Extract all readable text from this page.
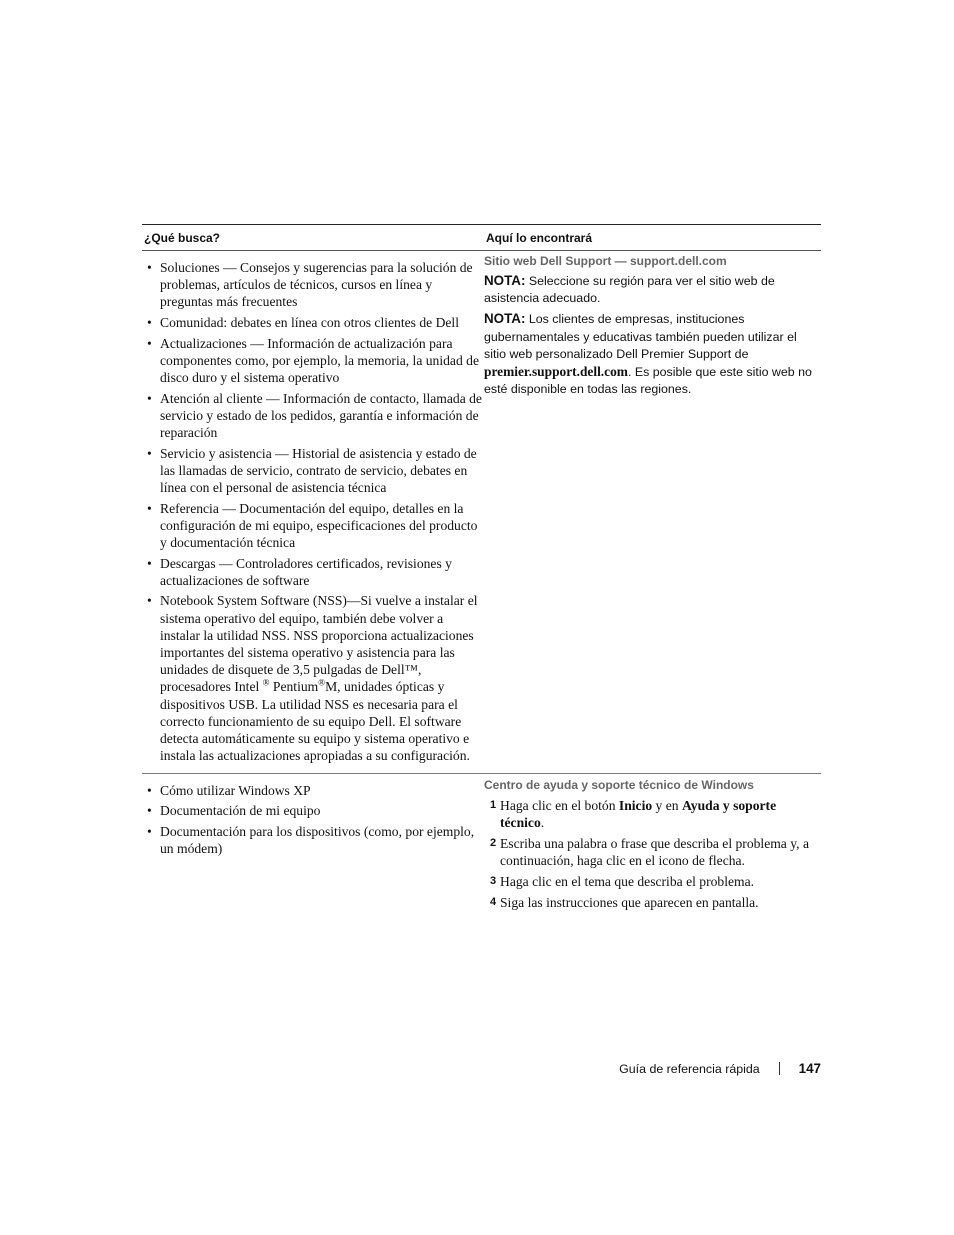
¿Qué busca?	Aquí lo encontrará
• Soluciones — Consejos y sugerencias para la solución de problemas, artículos de técnicos, cursos en línea y preguntas más frecuentes
• Comunidad: debates en línea con otros clientes de Dell
• Actualizaciones — Información de actualización para componentes como, por ejemplo, la memoria, la unidad de disco duro y el sistema operativo
• Atención al cliente — Información de contacto, llamada de servicio y estado de los pedidos, garantía e información de reparación
• Servicio y asistencia — Historial de asistencia y estado de las llamadas de servicio, contrato de servicio, debates en línea con el personal de asistencia técnica
• Referencia — Documentación del equipo, detalles en la configuración de mi equipo, especificaciones del producto y documentación técnica
• Descargas — Controladores certificados, revisiones y actualizaciones de software
• Notebook System Software (NSS)—Si vuelve a instalar el sistema operativo del equipo, también debe volver a instalar la utilidad NSS. NSS proporciona actualizaciones importantes del sistema operativo y asistencia para las unidades de disquete de 3,5 pulgadas de Dell™, procesadores Intel ® Pentium®M, unidades ópticas y dispositivos USB. La utilidad NSS es necesaria para el correcto funcionamiento de su equipo Dell. El software detecta automáticamente su equipo y sistema operativo e instala las actualizaciones apropiadas a su configuración.
Sitio web Dell Support — support.dell.com
NOTA: Seleccione su región para ver el sitio web de asistencia adecuado.
NOTA: Los clientes de empresas, instituciones gubernamentales y educativas también pueden utilizar el sitio web personalizado Dell Premier Support de premier.support.dell.com. Es posible que este sitio web no esté disponible en todas las regiones.
• Cómo utilizar Windows XP
• Documentación de mi equipo
• Documentación para los dispositivos (como, por ejemplo, un módem)
Centro de ayuda y soporte técnico de Windows
1 Haga clic en el botón Inicio y en Ayuda y soporte técnico.
2 Escriba una palabra o frase que describa el problema y, a continuación, haga clic en el icono de flecha.
3 Haga clic en el tema que describa el problema.
4 Siga las instrucciones que aparecen en pantalla.
Guía de referencia rápida	147
